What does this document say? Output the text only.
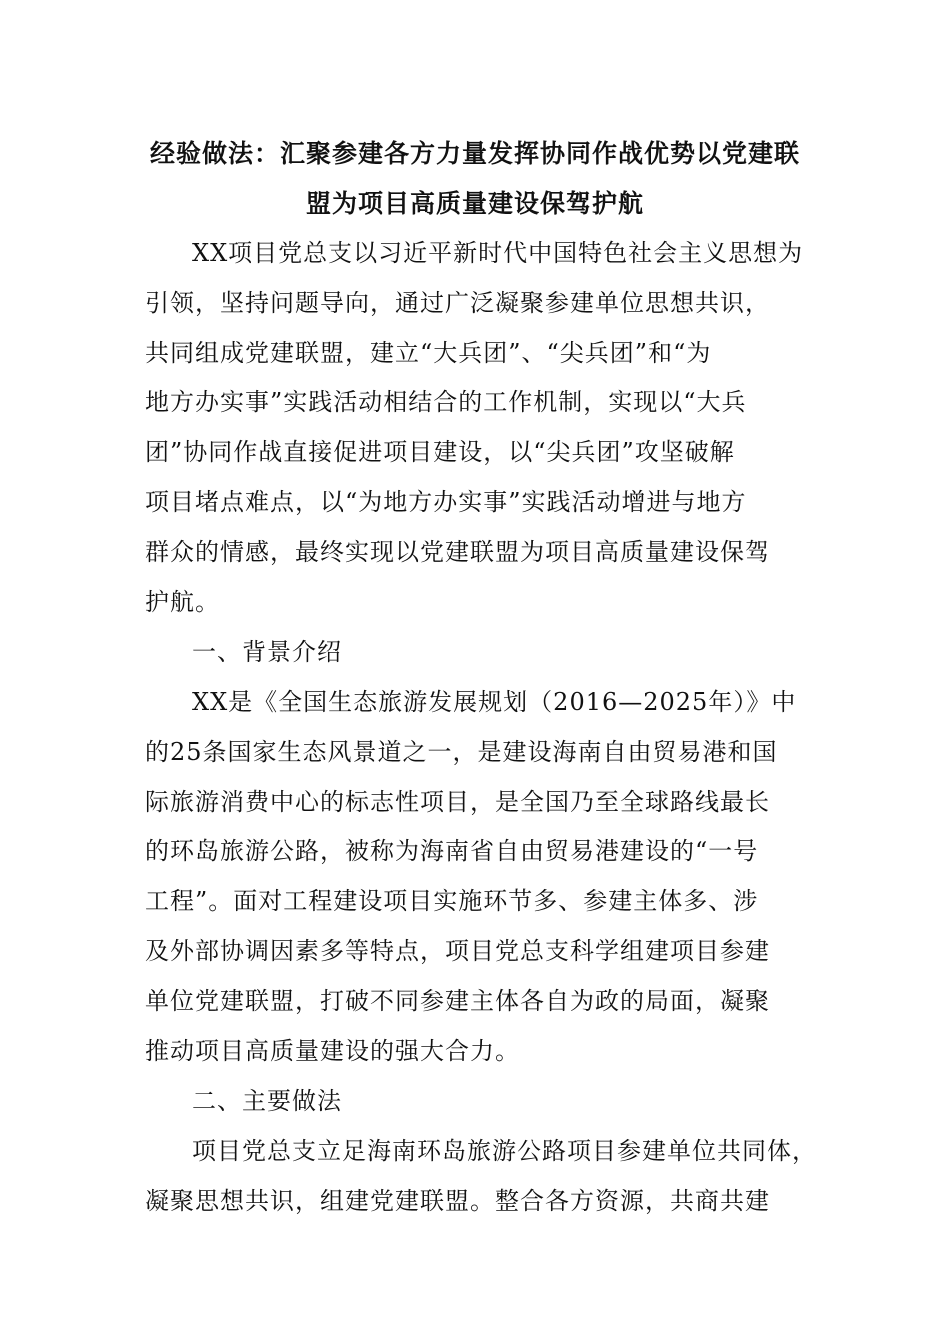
经验做法：汇聚参建各方力量发挥协同作战优势以党建联
盟为项目高质量建设保驾护航
XX项目党总支以习近平新时代中国特色社会主义思想为
引领，坚持问题导向，通过广泛凝聚参建单位思想共识，
共同组成党建联盟，建立“大兵团”、“尖兵团”和“为
地方办实事”实践活动相结合的工作机制，实现以“大兵
团”协同作战直接促进项目建设，以“尖兵团”攻坚破解
项目堵点难点，以“为地方办实事”实践活动增进与地方
群众的情感，最终实现以党建联盟为项目高质量建设保驾
护航。
一、背景介绍
XX是《全国生态旅游发展规划（2016—2025年）》中
的25条国家生态风景道之一，是建设海南自由贸易港和国
际旅游消费中心的标志性项目，是全国乃至全球路线最长
的环岛旅游公路，被称为海南省自由贸易港建设的“一号
工程”。面对工程建设项目实施环节多、参建主体多、涉
及外部协调因素多等特点，项目党总支科学组建项目参建
单位党建联盟，打破不同参建主体各自为政的局面，凝聚
推动项目高质量建设的强大合力。
二、主要做法
项目党总支立足海南环岛旅游公路项目参建单位共同体，
凝聚思想共识，组建党建联盟。整合各方资源，共商共建
